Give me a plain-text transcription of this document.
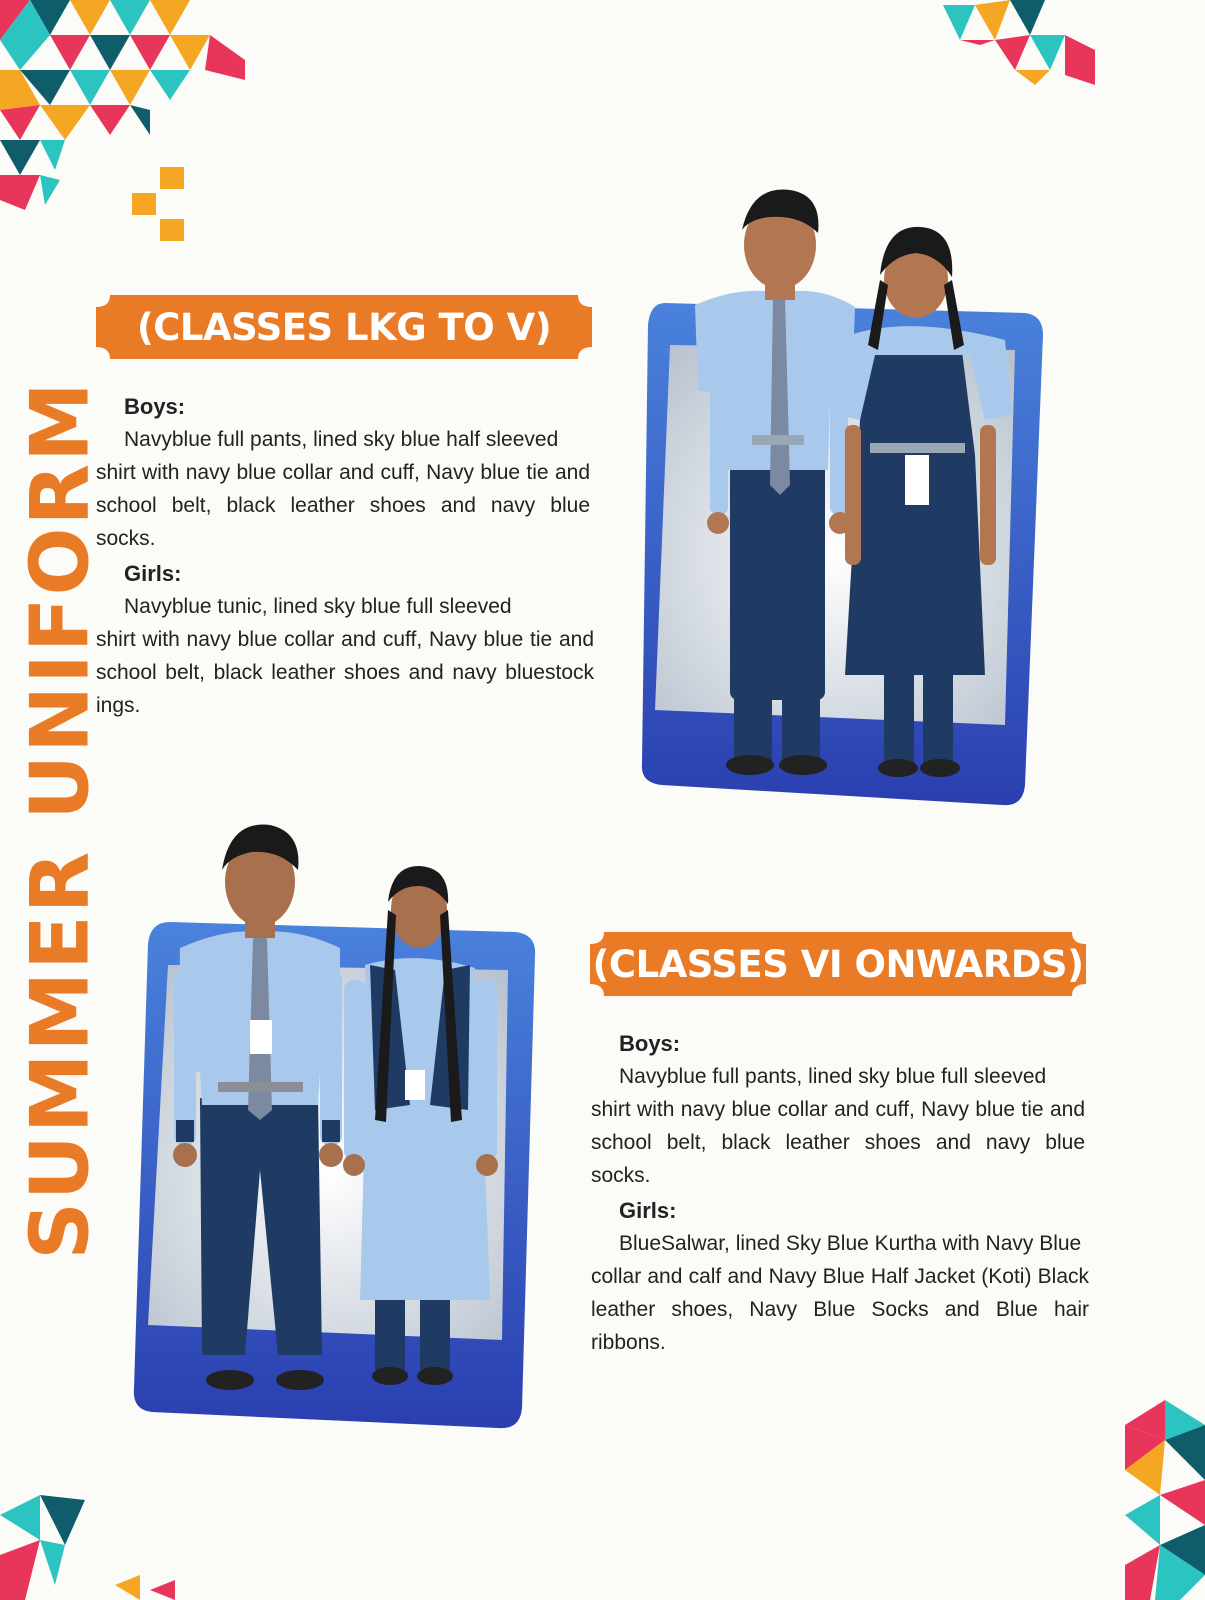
SUMMER UNIFORM
(CLASSES LKG TO V)
Boys:
Navyblue full pants, lined sky blue half sleeved
shirt with navy blue collar and cuff, Navy blue tie and school belt, black leather shoes and navy blue socks.
Girls:
Navyblue tunic, lined sky blue full sleeved
shirt with navy blue collar and cuff, Navy blue tie and school belt, black leather shoes and navy bluestock ings.
(CLASSES VI ONWARDS)
Boys:
Navyblue full pants, lined sky blue full sleeved
shirt with navy blue collar and cuff, Navy blue tie and school belt, black leather shoes and navy blue socks.
Girls:
BlueSalwar, lined Sky Blue Kurtha with Navy Blue
collar and calf and Navy Blue Half Jacket (Koti) Black leather shoes, Navy Blue Socks and Blue hair ribbons.
